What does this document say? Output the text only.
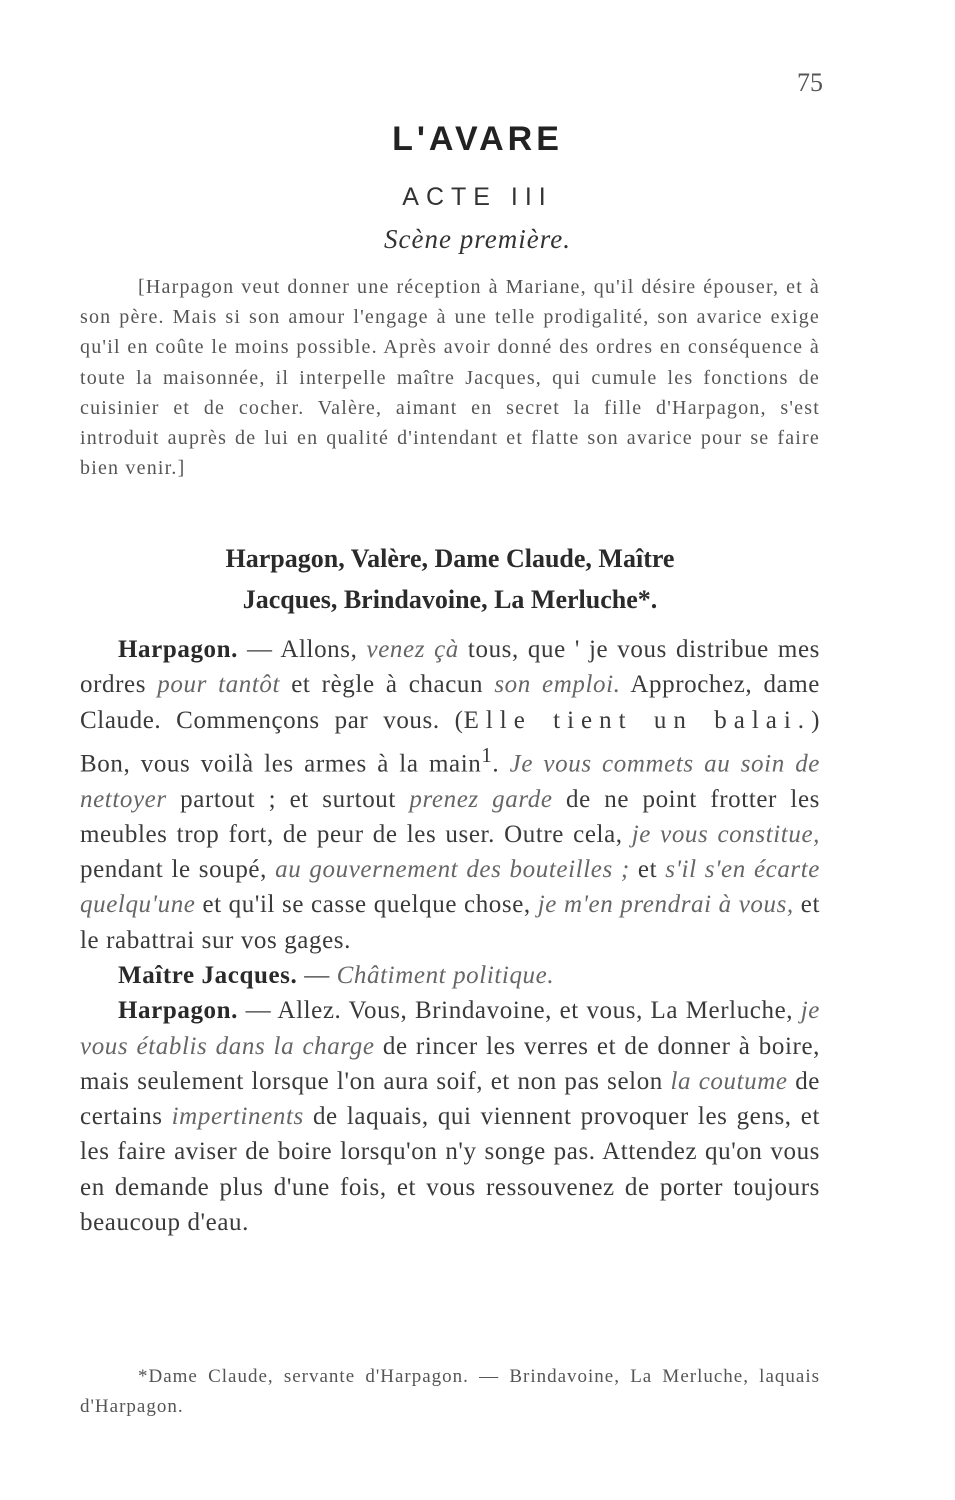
75
L'AVARE
ACTE III
Scène première.

[Harpagon veut donner une réception à Mariane, qu'il désire épouser, et à son père. Mais si son amour l'engage à une telle prodigalité, son avarice exige qu'il en coûte le moins possible. Après avoir donné des ordres en conséquence à toute la maisonnée, il interpelle maître Jacques, qui cumule les fonctions de cuisinier et de cocher. Valère, aimant en secret la fille d'Harpagon, s'est introduit auprès de lui en qualité d'intendant et flatte son avarice pour se faire bien venir.]

Harpagon, Valère, Dame Claude, Maître
Jacques, Brindavoine, La Merluche*.

Harpagon. — Allons, venez çà tous, que ' je vous distribue mes ordres pour tantôt et règle à chacun son emploi. Approchez, dame Claude. Commençons par vous. (Elle tient un balai.) Bon, vous voilà les armes à la main$^1$. Je vous commets au soin de nettoyer partout ; et surtout prenez garde de ne point frotter les meubles trop fort, de peur de les user. Outre cela, je vous constitue, pendant le soupé, au gouvernement des bouteilles ; et s'il s'en écarte quelqu'une et qu'il se casse quelque chose, je m'en prendrai à vous, et le rabattrai sur vos gages.

Maître Jacques. — Châtiment politique.

Harpagon. — Allez. Vous, Brindavoine, et vous, La Merluche, je vous établis dans la charge de rincer les verres et de donner à boire, mais seulement lorsque l'on aura soif, et non pas selon la coutume de certains impertinents de laquais, qui viennent provoquer les gens, et les faire aviser de boire lorsqu'on n'y songe pas. Attendez qu'on vous en demande plus d'une fois, et vous ressouvenez de porter toujours beaucoup d'eau.

*Dame Claude, servante d'Harpagon. — Brindavoine, La Merluche, laquais d'Harpagon.
